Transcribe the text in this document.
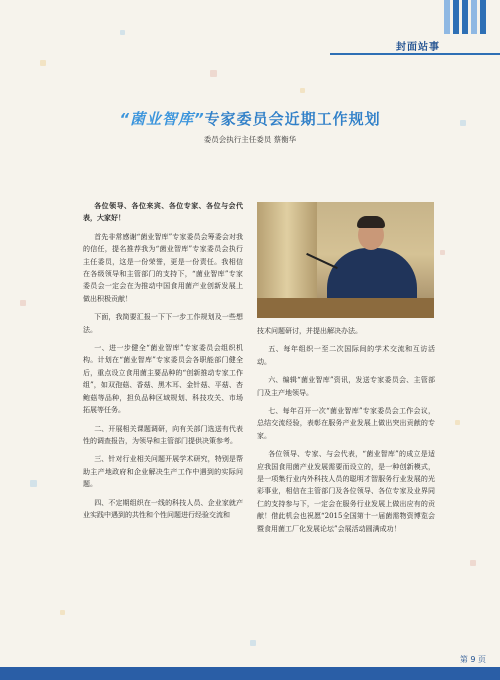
封面站事
“菌业智库”专家委员会近期工作规划
委员会执行主任委员 蔡衡华

各位领导、各位来宾、各位专家、各位与会代表，大家好！

首先非常感谢“菌业智库”专家委员会筹委会对我的信任，提名推荐我为“菌业智库”专家委员会执行主任委员，这是一份荣誉，更是一份责任。我相信在各级领导和主管部门的支持下，“菌业智库”专家委员会一定会在为推动中国食用菌产业创新发展上做出积极贡献！

下面，我简要汇报一下下一步工作规划及一些想法。

一、进一步健全“菌业智库”专家委员会组织机构。计划在“菌业智库”专家委员会各职能部门健全后，重点设立食用菌主要品种的“创新推动专家工作组”，如双孢菇、香菇、黑木耳、金针菇、平菇、杏鲍菇等品种，担负品种区域规划、科技攻关、市场拓展等任务。

二、开展相关课题调研，向有关部门选送有代表性的调查报告，为领导和主管部门提供决策参考。

三、针对行业相关问题开展学术研究，特别是帮助主产地政府和企业解决生产工作中遇到的实际问题。

四、不定期组织在一线的科技人员、企业家就产业实践中遇到的共性和个性问题进行经验交流和

技术问题研讨，并提出解决办法。

五、每年组织一至二次国际间的学术交流和互访活动。

六、编辑“菌业智库”资讯，发送专家委员会、主管部门及主产地领导。

七、每年召开一次“菌业智库”专家委员会工作会议，总结交流经验，表彰在服务产业发展上做出突出贡献的专家。

各位领导、专家、与会代表，“菌业智库”的成立是适应我国食用菌产业发展需要而设立的，是一种创新模式，是一项集行业内外科技人员的聪明才智服务行业发展的光彩事业，相信在主管部门及各位领导、各位专家及业界同仁的支持参与下，一定会在服务行业发展上做出应有的贡献！借此机会也祝愿“2015全国第十一届菌需物资博览会暨食用菌工厂化发展论坛”会展活动圆满成功！

第 9 页
